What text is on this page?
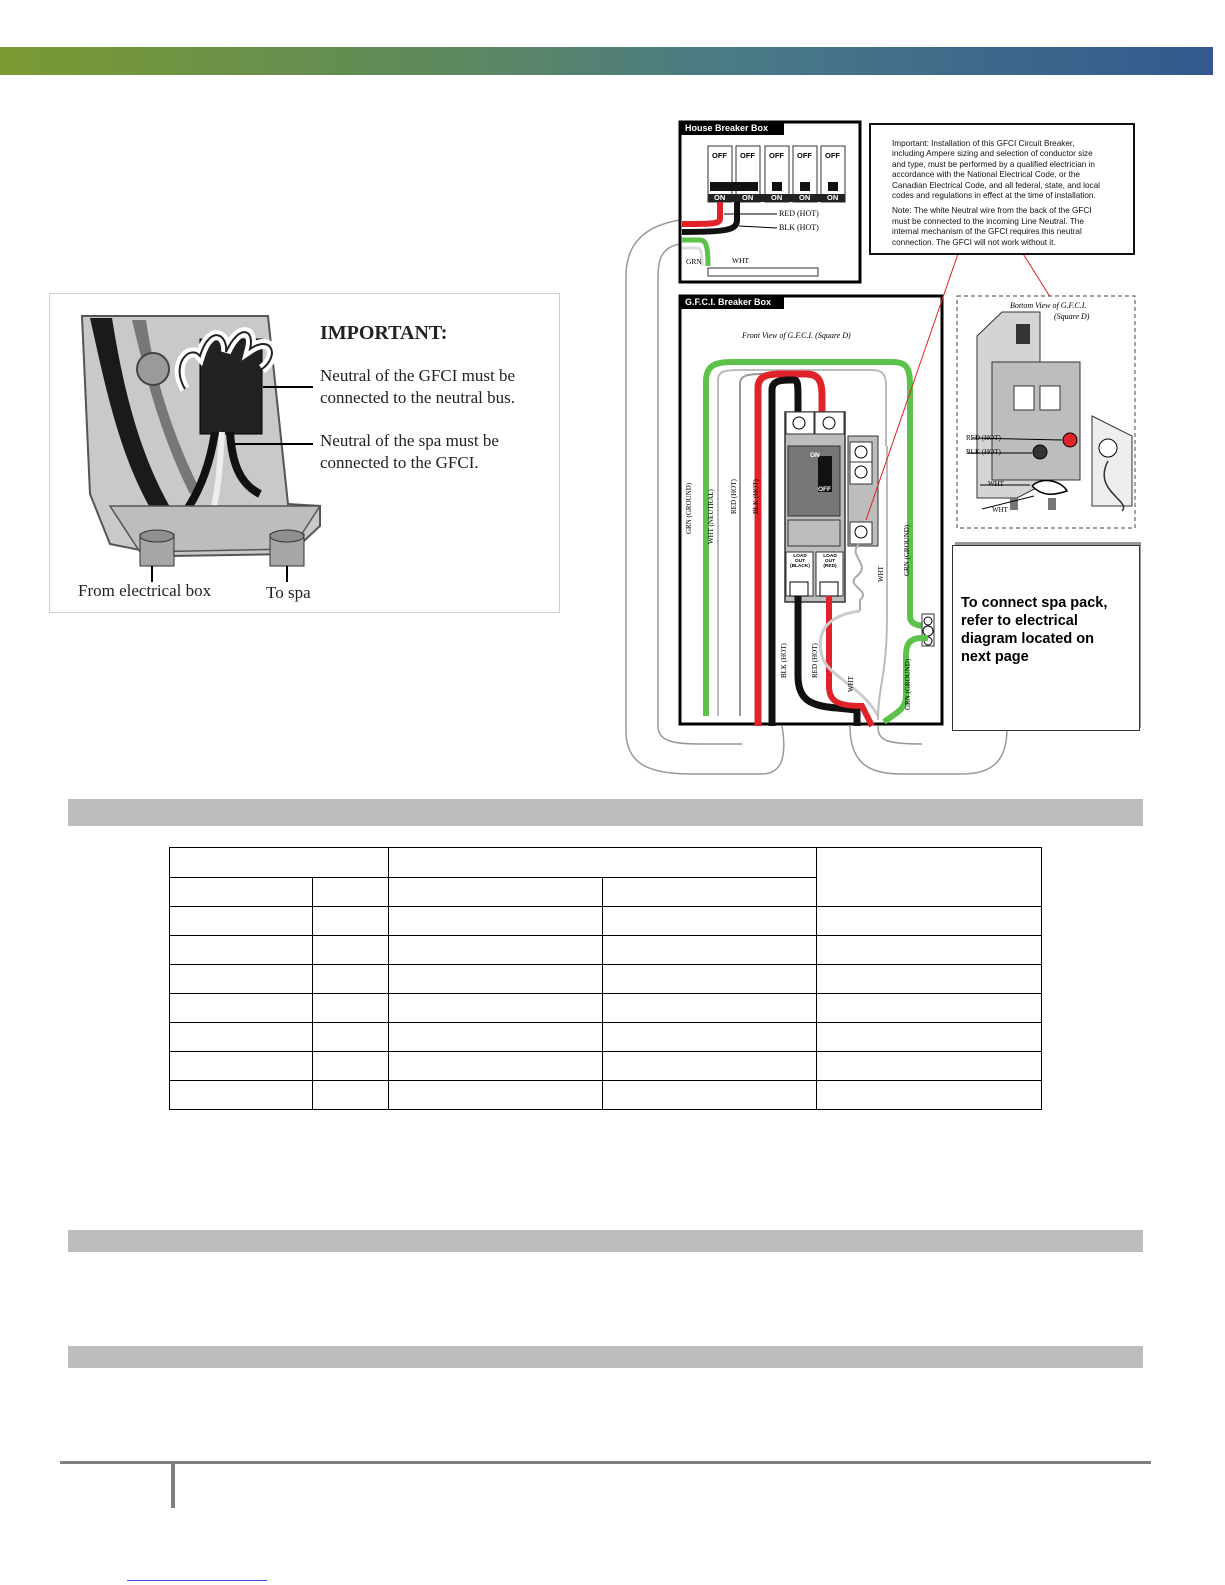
IMPORTANT:
Neutral of the GFCI must be
connected to the neutral bus.
Neutral of the spa must be
connected to the GFCI.
From electrical box	To spa
House Breaker Box
OFF OFF OFF OFF OFF
ON ON ON ON ON
RED (HOT)
BLK (HOT)
GRN	WHT
G.F.C.I. Breaker Box
Front View of G.F.C.I. (Square D)
ON
OFF
LOAD OUT (BLACK)
LOAD OUT (RED)
GRN (GROUND) WHT (NEUTRAL) RED (HOT) BLK (HOT)
BLK (HOT)	RED (HOT)
WHT
WHT	GRN (GROUND)
GRN (GROUND)
Bottom View of G.F.C.I.
(Square D)
RED (HOT)
BLK (HOT)
WHT
WHT
Important: Installation of this GFCI Circuit Breaker,
including Ampere sizing and selection of conductor size
and type, must be performed by a qualified electrician in
accordance with the National Electrical Code, or the
Canadian Electrical Code, and all federal, state, and local
codes and regulations in effect at the time of installation.
Note: The white Neutral wire from the back of the GFCI
must be connected to the incoming Line Neutral. The
internal mechanism of the GFCI requires this neutral
connection. The GFCI will not work without it.
To connect spa pack,
refer to electrical
diagram located on
next page
